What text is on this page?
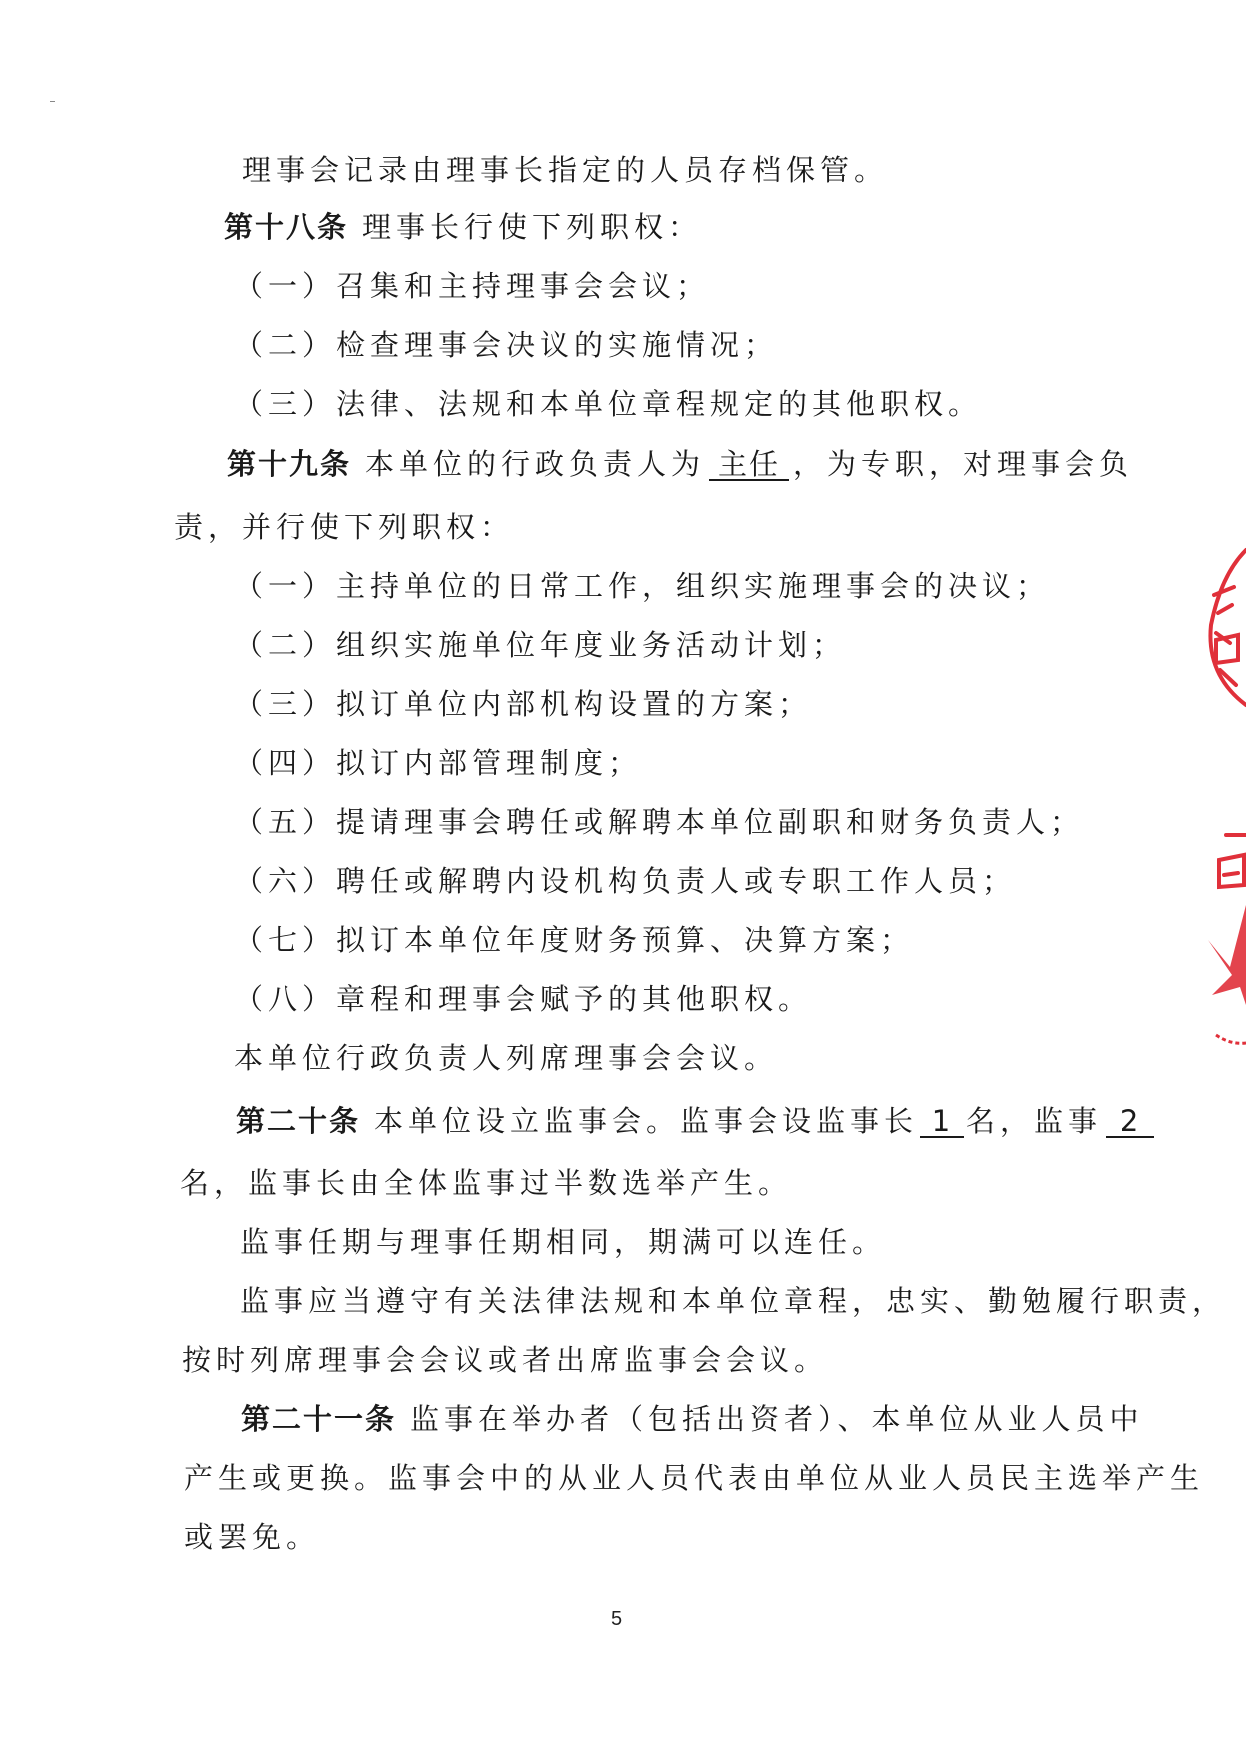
理事会记录由理事长指定的人员存档保管。
第十八条 理事长行使下列职权：
（一）召集和主持理事会会议；
（二）检查理事会决议的实施情况；
（三）法律、法规和本单位章程规定的其他职权。
第十九条 本单位的行政负责人为 主任 ，为专职，对理事会负
责，并行使下列职权：
（一）主持单位的日常工作，组织实施理事会的决议；
（二）组织实施单位年度业务活动计划；
（三）拟订单位内部机构设置的方案；
（四）拟订内部管理制度；
（五）提请理事会聘任或解聘本单位副职和财务负责人；
（六）聘任或解聘内设机构负责人或专职工作人员；
（七）拟订本单位年度财务预算、决算方案；
（八）章程和理事会赋予的其他职权。
本单位行政负责人列席理事会会议。
第二十条 本单位设立监事会。监事会设监事长 1 名，监事 2
名，监事长由全体监事过半数选举产生。
监事任期与理事任期相同，期满可以连任。
监事应当遵守有关法律法规和本单位章程，忠实、勤勉履行职责，
按时列席理事会会议或者出席监事会会议。
第二十一条 监事在举办者（包括出资者）、本单位从业人员中
产生或更换。监事会中的从业人员代表由单位从业人员民主选举产生
或罢免。
5
